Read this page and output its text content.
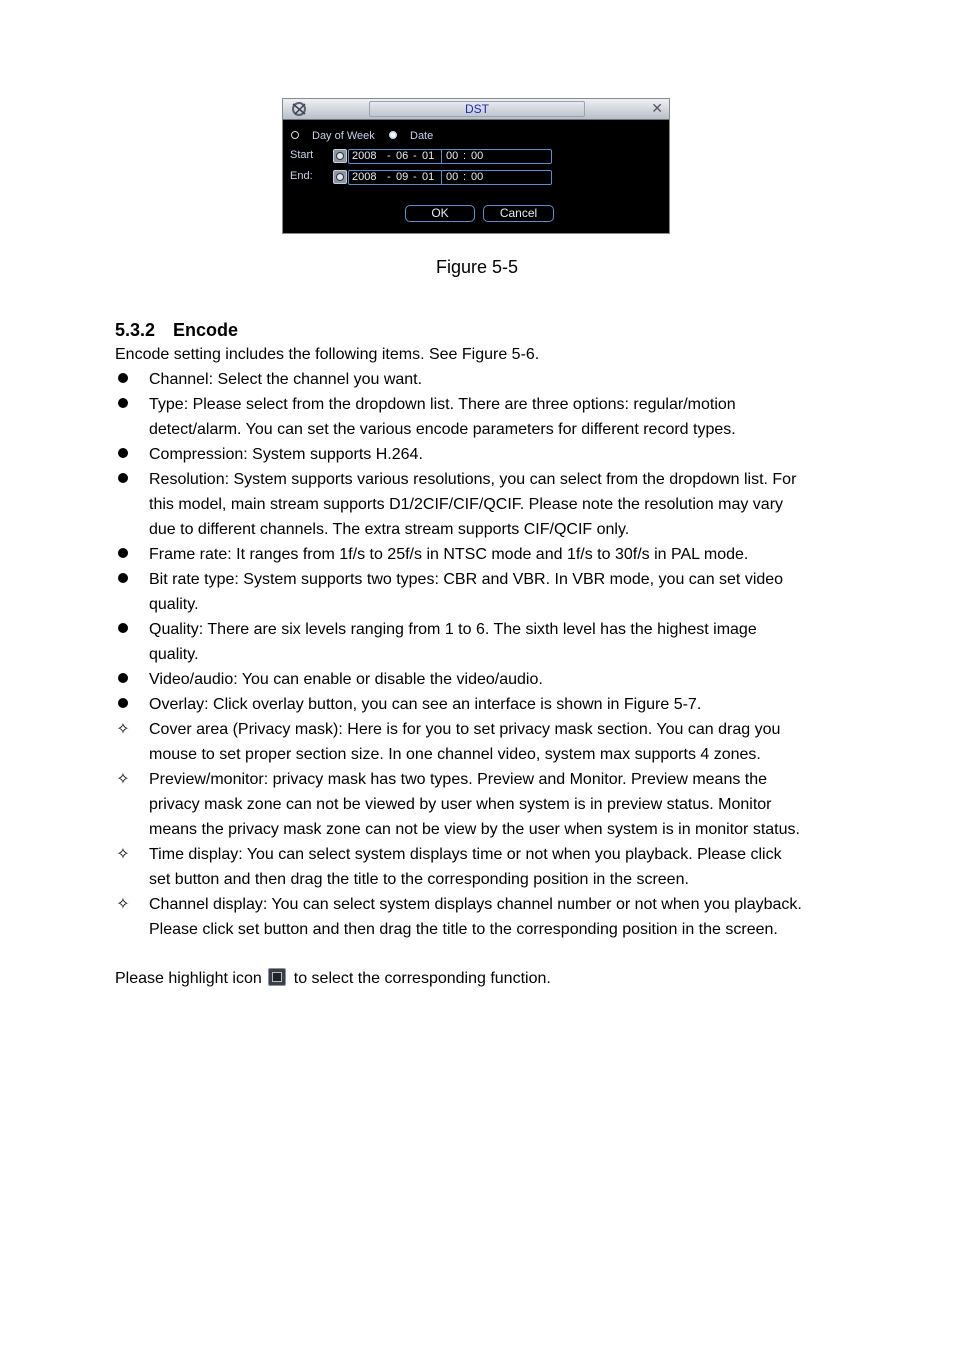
DST	✕
Day of Week	Date
Start	2008 - 06 - 01 00 : 00
End:	2008 - 09 - 01 00 : 00
OK	Cancel
Figure 5-5
5.3.2 Encode
Encode setting includes the following items. See Figure 5-6.
Channel: Select the channel you want.
Type: Please select from the dropdown list. There are three options: regular/motion
detect/alarm. You can set the various encode parameters for different record types.
Compression: System supports H.264.
Resolution: System supports various resolutions, you can select from the dropdown list. For
this model, main stream supports D1/2CIF/CIF/QCIF. Please note the resolution may vary
due to different channels. The extra stream supports CIF/QCIF only.
Frame rate: It ranges from 1f/s to 25f/s in NTSC mode and 1f/s to 30f/s in PAL mode.
Bit rate type: System supports two types: CBR and VBR. In VBR mode, you can set video
quality.
Quality: There are six levels ranging from 1 to 6. The sixth level has the highest image
quality.
Video/audio: You can enable or disable the video/audio.
Overlay: Click overlay button, you can see an interface is shown in Figure 5-7.
✧ Cover area (Privacy mask): Here is for you to set privacy mask section. You can drag you
mouse to set proper section size. In one channel video, system max supports 4 zones.
✧ Preview/monitor: privacy mask has two types. Preview and Monitor. Preview means the
privacy mask zone can not be viewed by user when system is in preview status. Monitor
means the privacy mask zone can not be view by the user when system is in monitor status.
✧ Time display: You can select system displays time or not when you playback. Please click
set button and then drag the title to the corresponding position in the screen.
✧ Channel display: You can select system displays channel number or not when you playback.
Please click set button and then drag the title to the corresponding position in the screen.
Please highlight icon to select the corresponding function.
